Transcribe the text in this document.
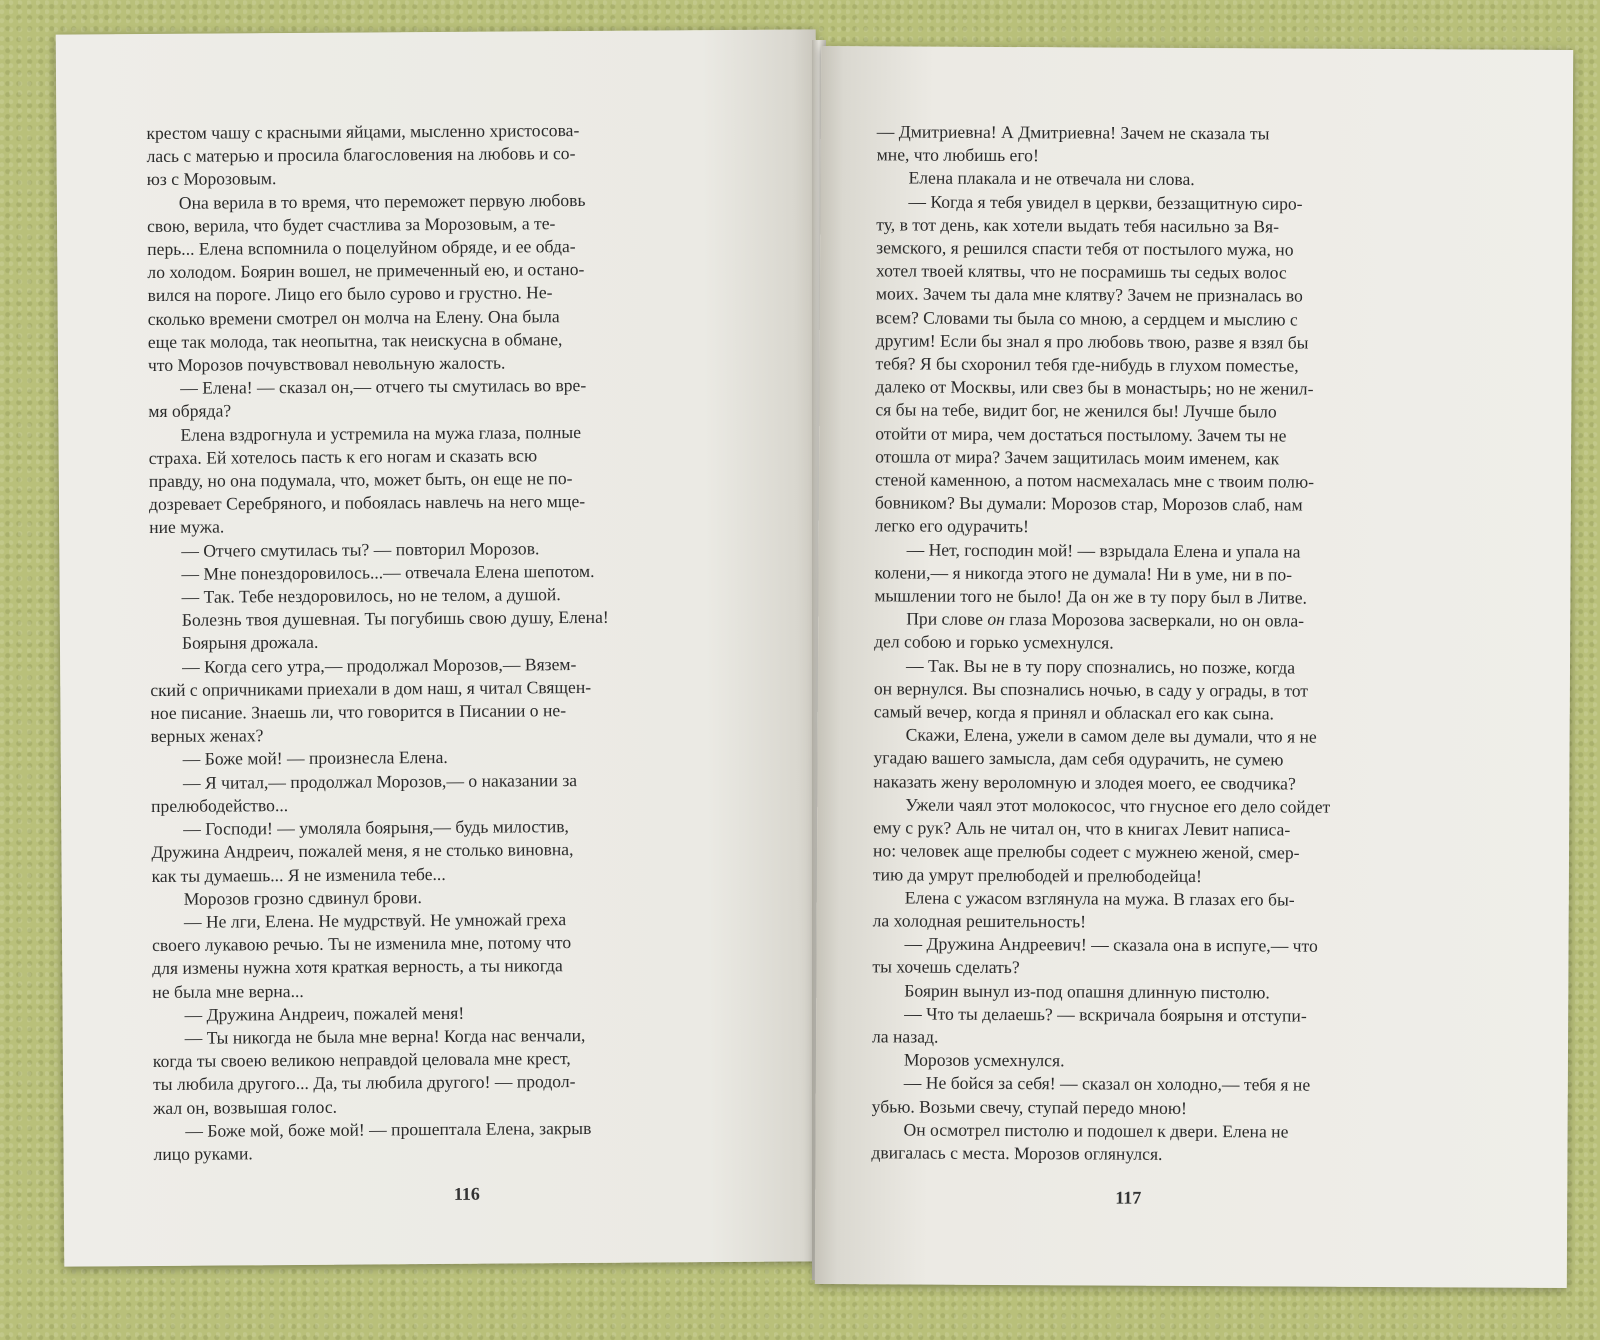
крестом чашу с красными яйцами, мысленно христосова-

лась с матерью и просила благословения на любовь и со-

юз с Морозовым.

Она верила в то время, что переможет первую любовь

свою, верила, что будет счастлива за Морозовым, а те-

перь... Елена вспомнила о поцелуйном обряде, и ее обда-

ло холодом. Боярин вошел, не примеченный ею, и остано-

вился на пороге. Лицо его было сурово и грустно. Не-

сколько времени смотрел он молча на Елену. Она была

еще так молода, так неопытна, так неискусна в обмане,

что Морозов почувствовал невольную жалость.

— Елена! — сказал он,— отчего ты смутилась во вре-

мя обряда?

Елена вздрогнула и устремила на мужа глаза, полные

страха. Ей хотелось пасть к его ногам и сказать всю

правду, но она подумала, что, может быть, он еще не по-

дозревает Серебряного, и побоялась навлечь на него мще-

ние мужа.

— Отчего смутилась ты? — повторил Морозов.

— Мне понездоровилось...— отвечала Елена шепотом.

— Так. Тебе нездоровилось, но не телом, а душой.

Болезнь твоя душевная. Ты погубишь свою душу, Елена!

Боярыня дрожала.

— Когда сего утра,— продолжал Морозов,— Вязем-

ский с опричниками приехали в дом наш, я читал Священ-

ное писание. Знаешь ли, что говорится в Писании о не-

верных женах?

— Боже мой! — произнесла Елена.

— Я читал,— продолжал Морозов,— о наказании за

прелюбодейство...

— Господи! — умоляла боярыня,— будь милостив,

Дружина Андреич, пожалей меня, я не столько виновна,

как ты думаешь... Я не изменила тебе...

Морозов грозно сдвинул брови.

— Не лги, Елена. Не мудрствуй. Не умножай греха

своего лукавою речью. Ты не изменила мне, потому что

для измены нужна хотя краткая верность, а ты никогда

не была мне верна...

— Дружина Андреич, пожалей меня!

— Ты никогда не была мне верна! Когда нас венчали,

когда ты своею великою неправдой целовала мне крест,

ты любила другого... Да, ты любила другого! — продол-

жал он, возвышая голос.

— Боже мой, боже мой! — прошептала Елена, закрыв

лицо руками.

116

— Дмитриевна! А Дмитриевна! Зачем не сказала ты

мне, что любишь его!

Елена плакала и не отвечала ни слова.

— Когда я тебя увидел в церкви, беззащитную сиро-

ту, в тот день, как хотели выдать тебя насильно за Вя-

земского, я решился спасти тебя от постылого мужа, но

хотел твоей клятвы, что не посрамишь ты седых волос

моих. Зачем ты дала мне клятву? Зачем не призналась во

всем? Словами ты была со мною, а сердцем и мыслию с

другим! Если бы знал я про любовь твою, разве я взял бы

тебя? Я бы схоронил тебя где-нибудь в глухом поместье,

далеко от Москвы, или свез бы в монастырь; но не женил-

ся бы на тебе, видит бог, не женился бы! Лучше было

отойти от мира, чем достаться постылому. Зачем ты не

отошла от мира? Зачем защитилась моим именем, как

стеной каменною, а потом насмехалась мне с твоим полю-

бовником? Вы думали: Морозов стар, Морозов слаб, нам

легко его одурачить!

— Нет, господин мой! — взрыдала Елена и упала на

колени,— я никогда этого не думала! Ни в уме, ни в по-

мышлении того не было! Да он же в ту пору был в Литве.

При слове он глаза Морозова засверкали, но он овла-

дел собою и горько усмехнулся.

— Так. Вы не в ту пору спознались, но позже, когда

он вернулся. Вы спознались ночью, в саду у ограды, в тот

самый вечер, когда я принял и обласкал его как сына.

Скажи, Елена, ужели в самом деле вы думали, что я не

угадаю вашего замысла, дам себя одурачить, не сумею

наказать жену вероломную и злодея моего, ее сводчика?

Ужели чаял этот молокосос, что гнусное его дело сойдет

ему с рук? Аль не читал он, что в книгах Левит написа-

но: человек аще прелюбы содеет с мужнею женой, смер-

тию да умрут прелюбодей и прелюбодейца!

Елена с ужасом взглянула на мужа. В глазах его бы-

ла холодная решительность!

— Дружина Андреевич! — сказала она в испуге,— что

ты хочешь сделать?

Боярин вынул из-под опашня длинную пистолю.

— Что ты делаешь? — вскричала боярыня и отступи-

ла назад.

Морозов усмехнулся.

— Не бойся за себя! — сказал он холодно,— тебя я не

убью. Возьми свечу, ступай передо мною!

Он осмотрел пистолю и подошел к двери. Елена не

двигалась с места. Морозов оглянулся.

117
